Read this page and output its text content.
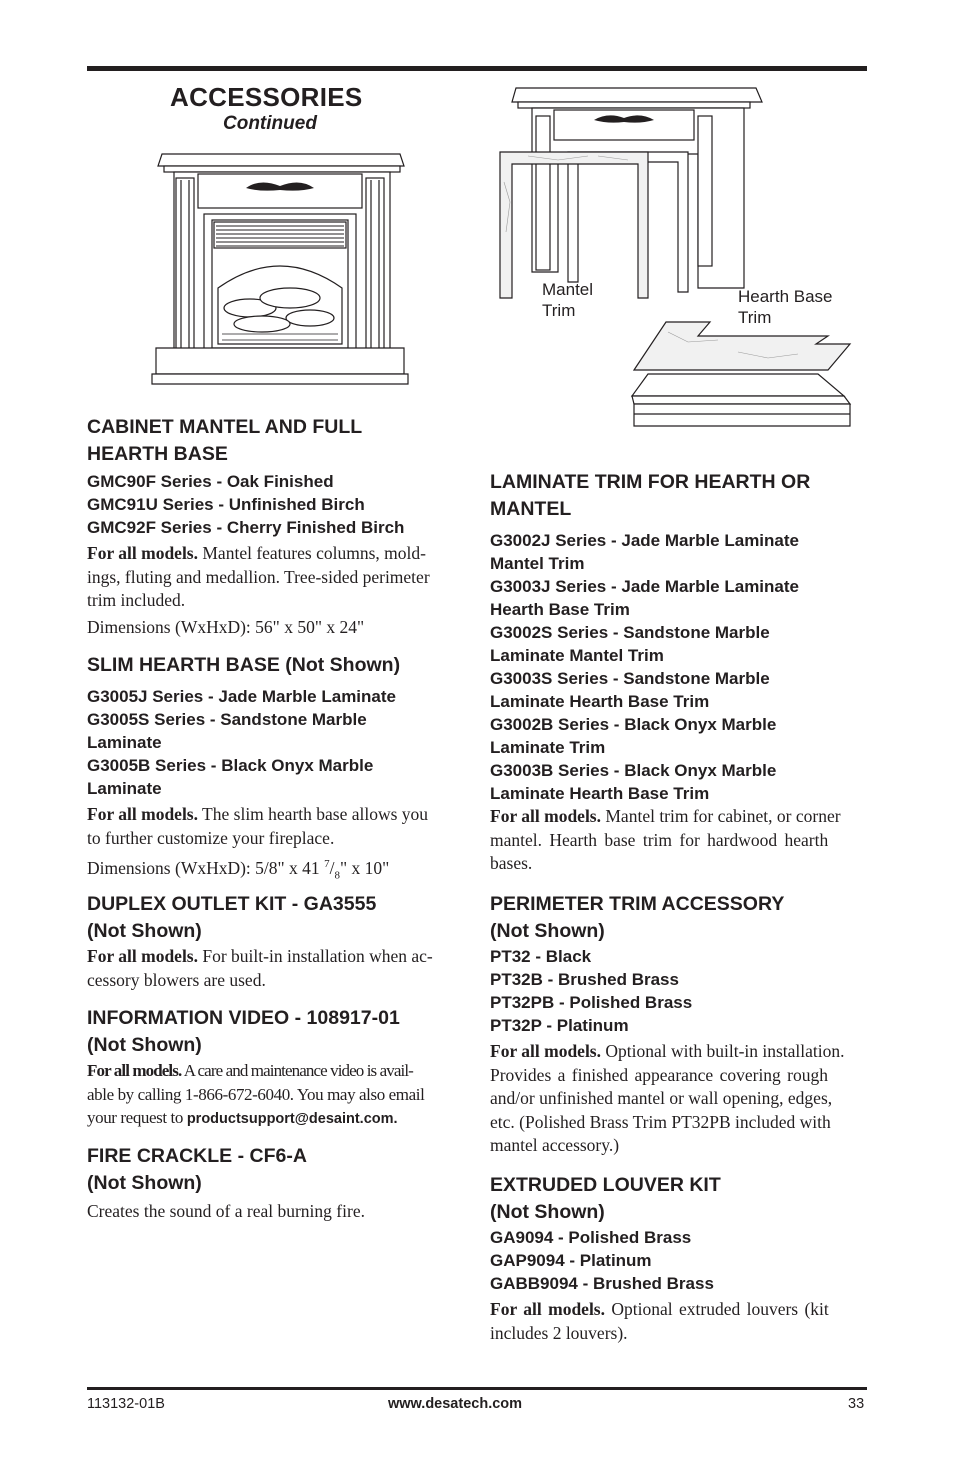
ACCESSORIES
Continued
Mantel
Trim
Hearth Base
Trim
CABINET MANTEL AND FULL
HEARTH BASE
GMC90F Series - Oak Finished
GMC91U Series - Unfinished Birch
GMC92F Series - Cherry Finished Birch
For all models. Mantel features columns, mold-
ings, fluting and medallion. Tree-sided perimeter
trim included.
Dimensions (WxHxD): 56" x 50" x 24"
SLIM HEARTH BASE (Not Shown)
G3005J Series - Jade Marble Laminate
G3005S Series - Sandstone Marble
Laminate
G3005B Series - Black Onyx Marble
Laminate
For all models. The slim hearth base allows you
to further customize your fireplace.
Dimensions (WxHxD): 5/8" x 41 $^7/_8$" x 10"
DUPLEX OUTLET KIT - GA3555
(Not Shown)
For all models. For built-in installation when ac-
cessory blowers are used.
INFORMATION VIDEO - 108917-01
(Not Shown)
For all models. A care and maintenance video is avail-
able by calling 1-866-672-6040. You may also email
your request to productsupport@desaint.com.
FIRE CRACKLE - CF6-A
(Not Shown)
Creates the sound of a real burning fire.
LAMINATE TRIM FOR HEARTH OR
MANTEL
G3002J Series - Jade Marble Laminate
Mantel Trim
G3003J Series - Jade Marble Laminate
Hearth Base Trim
G3002S Series - Sandstone Marble
Laminate Mantel Trim
G3003S Series - Sandstone Marble
Laminate Hearth Base Trim
G3002B Series - Black Onyx Marble
Laminate Trim
G3003B Series - Black Onyx Marble
Laminate Hearth Base Trim
For all models. Mantel trim for cabinet, or corner
mantel. Hearth base trim for hardwood hearth
bases.
PERIMETER TRIM ACCESSORY
(Not Shown)
PT32 - Black
PT32B - Brushed Brass
PT32PB - Polished Brass
PT32P - Platinum
For all models. Optional with built-in installation.
Provides a finished appearance covering rough
and/or unfinished mantel or wall opening, edges,
etc. (Polished Brass Trim PT32PB included with
mantel accessory.)
EXTRUDED LOUVER KIT
(Not Shown)
GA9094 - Polished Brass
GAP9094 - Platinum
GABB9094 - Brushed Brass
For all models. Optional extruded louvers (kit
includes 2 louvers).
113132-01B	www.desatech.com	33
